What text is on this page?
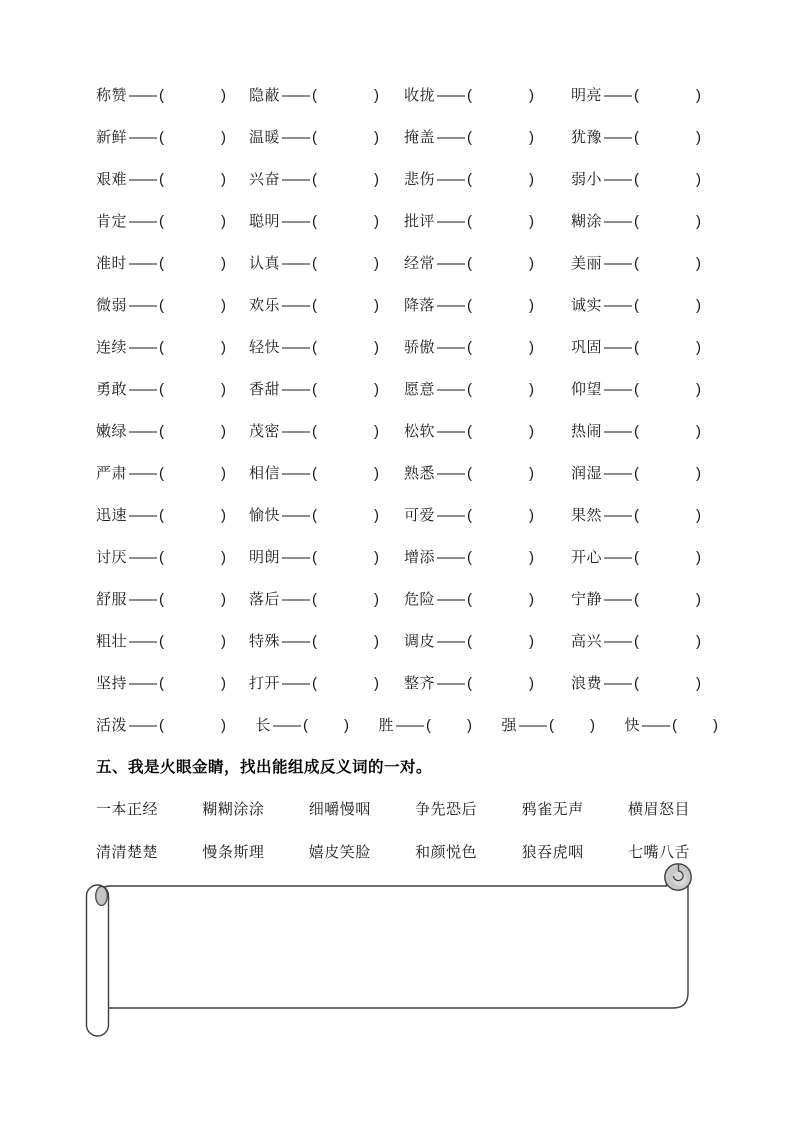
称赞 —— (	)	隐蔽 —— (	)	收拢 —— (	)	明亮 —— (	)
新鲜 —— (	)	温暖 —— (	)	掩盖 —— (	)	犹豫 —— (	)
艰难 —— (	)	兴奋 —— (	)	悲伤 —— (	)	弱小 —— (	)
肯定 —— (	)	聪明 —— (	)	批评 —— (	)	糊涂 —— (	)
准时 —— (	)	认真 —— (	)	经常 —— (	)	美丽 —— (	)
微弱 —— (	)	欢乐 —— (	)	降落 —— (	)	诚实 —— (	)
连续 —— (	)	轻快 —— (	)	骄傲 —— (	)	巩固 —— (	)
勇敢 —— (	)	香甜 —— (	)	愿意 —— (	)	仰望 —— (	)
嫩绿 —— (	)	茂密 —— (	)	松软 —— (	)	热闹 —— (	)
严肃 —— (	)	相信 —— (	)	熟悉 —— (	)	润湿 —— (	)
迅速 —— (	)	愉快 —— (	)	可爱 —— (	)	果然 —— (	)
讨厌 —— (	)	明朗 —— (	)	增添 —— (	)	开心 —— (	)
舒服 —— (	)	落后 —— (	)	危险 —— (	)	宁静 —— (	)
粗壮 —— (	)	特殊 —— (	)	调皮 —— (	)	高兴 —— (	)
坚持 —— (	)	打开 —— (	)	整齐 —— (	)	浪费 —— (	)
活泼 —— (	) 长 —— ( ) 胜 —— ( ) 强 —— ( ) 快 —— ( )
五、我是火眼金睛，找出能组成反义词的一对。
一本正经	糊糊涂涂	细嚼慢咽	争先恐后	鸦雀无声	横眉怒目
清清楚楚	慢条斯理	嬉皮笑脸	和颜悦色	狼吞虎咽	七嘴八舌
